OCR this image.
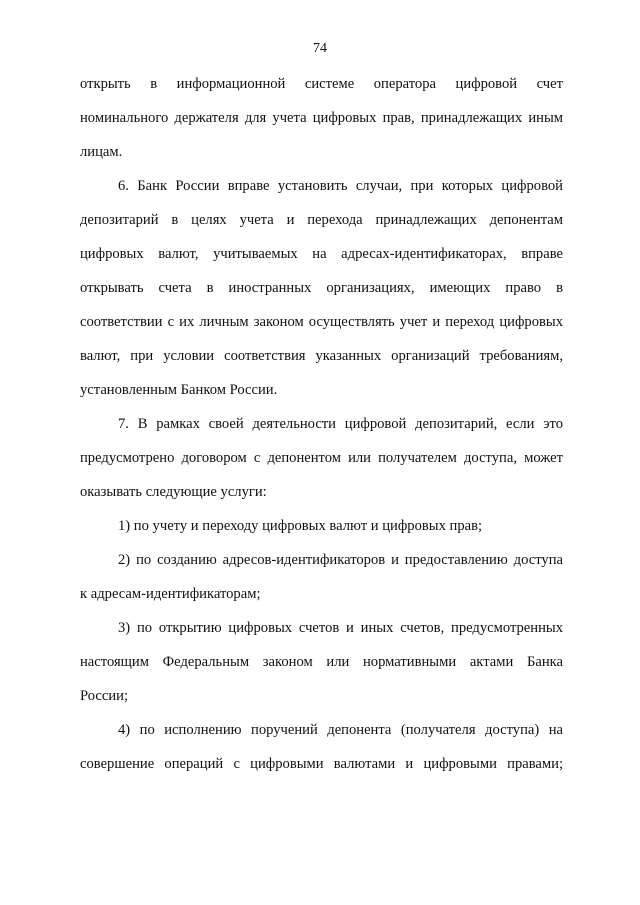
74
открыть в информационной системе оператора цифровой счет
номинального держателя для учета цифровых прав, принадлежащих иным
лицам.
6. Банк России вправе установить случаи, при которых цифровой
депозитарий в целях учета и перехода принадлежащих депонентам
цифровых валют, учитываемых на адресах-идентификаторах, вправе
открывать счета в иностранных организациях, имеющих право в
соответствии с их личным законом осуществлять учет и переход цифровых
валют, при условии соответствия указанных организаций требованиям,
установленным Банком России.
7. В рамках своей деятельности цифровой депозитарий, если это
предусмотрено договором с депонентом или получателем доступа, может
оказывать следующие услуги:
1) по учету и переходу цифровых валют и цифровых прав;
2) по созданию адресов-идентификаторов и предоставлению доступа
к адресам-идентификаторам;
3) по открытию цифровых счетов и иных счетов, предусмотренных
настоящим Федеральным законом или нормативными актами Банка
России;
4) по исполнению поручений депонента (получателя доступа) на
совершение операций с цифровыми валютами и цифровыми правами;
